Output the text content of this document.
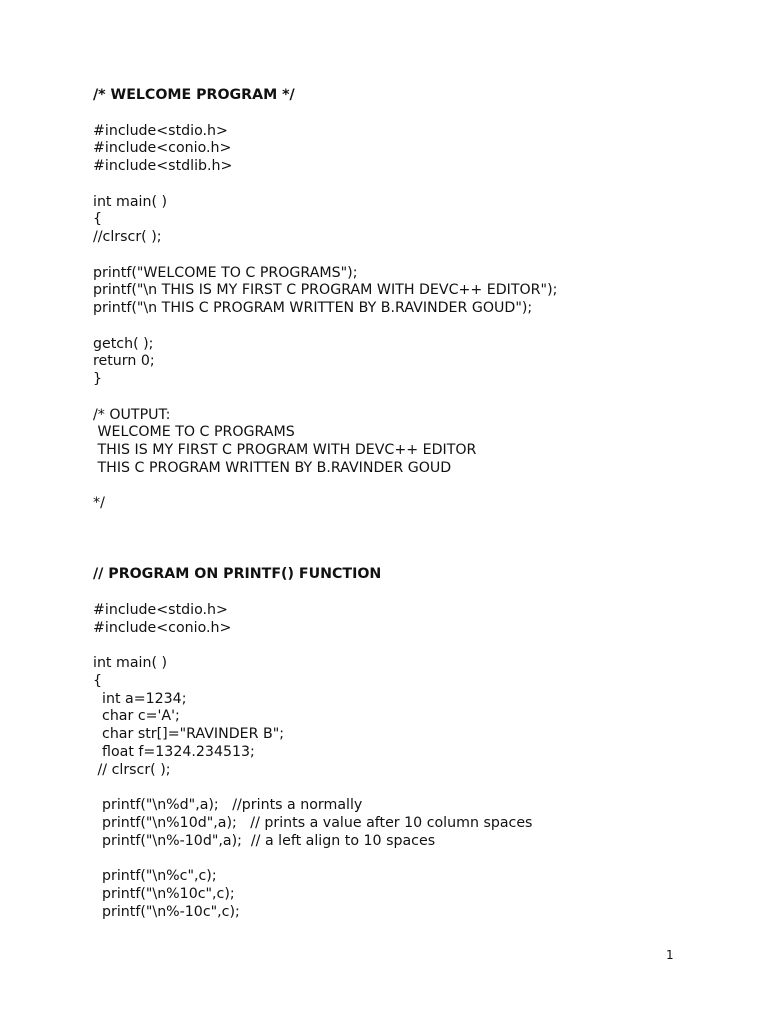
/* WELCOME PROGRAM */
#include<stdio.h>
#include<conio.h>
#include<stdlib.h>
int main( )
{
//clrscr( );
printf("WELCOME TO C PROGRAMS");
printf("\n THIS IS MY FIRST C PROGRAM WITH DEVC++ EDITOR");
printf("\n THIS C PROGRAM WRITTEN BY B.RAVINDER GOUD");
getch( );
return 0;
}
/* OUTPUT:
WELCOME TO C PROGRAMS
THIS IS MY FIRST C PROGRAM WITH DEVC++ EDITOR
THIS C PROGRAM WRITTEN BY B.RAVINDER GOUD
*/
// PROGRAM ON PRINTF() FUNCTION
#include<stdio.h>
#include<conio.h>
int main( )
{
int a=1234;
char c='A';
char str[]="RAVINDER B";
float f=1324.234513;
// clrscr( );
printf("\n%d",a);   //prints a normally
printf("\n%10d",a);   // prints a value after 10 column spaces
printf("\n%-10d",a);  // a left align to 10 spaces
printf("\n%c",c);
printf("\n%10c",c);
printf("\n%-10c",c);
1
